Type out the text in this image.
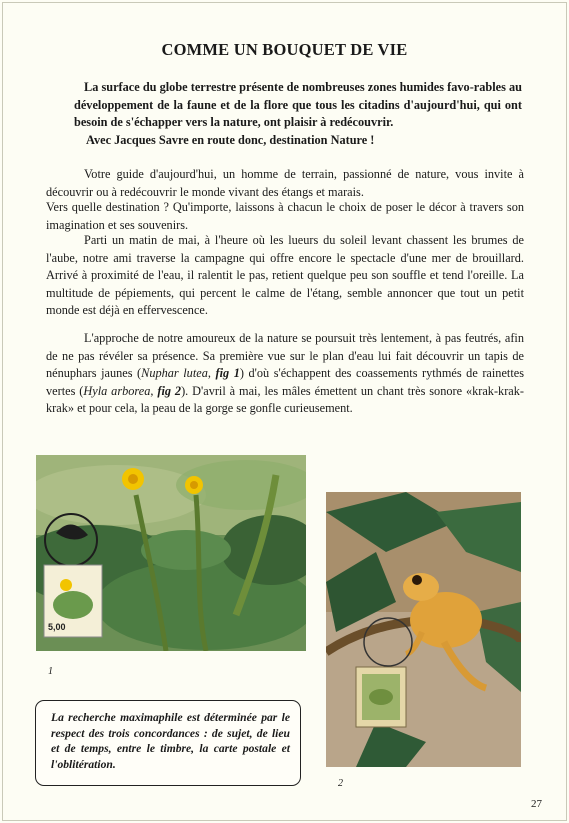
COMME UN BOUQUET DE VIE

La surface du globe terrestre présente de nombreuses zones humides favo-rables au développement de la faune et de la flore que tous les citadins d'aujourd'hui, qui ont besoin de s'échapper vers la nature, ont plaisir à redécouvrir.

Avec Jacques Savre en route donc, destination Nature !

Votre guide d'aujourd'hui, un homme de terrain, passionné de nature, vous invite à découvrir ou à redécouvrir le monde vivant des étangs et marais.

Vers quelle destination ? Qu'importe, laissons à chacun le choix de poser le décor à travers son imagination et ses souvenirs.

Parti un matin de mai, à l'heure où les lueurs du soleil levant chassent les brumes de l'aube, notre ami traverse la campagne qui offre encore le spectacle d'une mer de brouillard. Arrivé à proximité de l'eau, il ralentit le pas, retient quelque peu son souffle et tend l'oreille. La multitude de pépiements, qui percent le calme de l'étang, semble annoncer que tout un petit monde est déjà en effervescence.

L'approche de notre amoureux de la nature se poursuit très lentement, à pas feutrés, afin de ne pas révéler sa présence. Sa première vue sur le plan d'eau lui fait découvrir un tapis de nénuphars jaunes (Nuphar lutea, fig 1) d'où s'échappent des coassements rythmés de rainettes vertes (Hyla arborea, fig 2). D'avril à mai, les mâles émettent un chant très sonore «krak-krak-krak» et pour cela, la peau de la gorge se gonfle curieusement.

5,00
1
2

La recherche maximaphile est déterminée par le respect des trois concordances : de sujet, de lieu et de temps, entre le timbre, la carte postale et l'oblitération.

27
